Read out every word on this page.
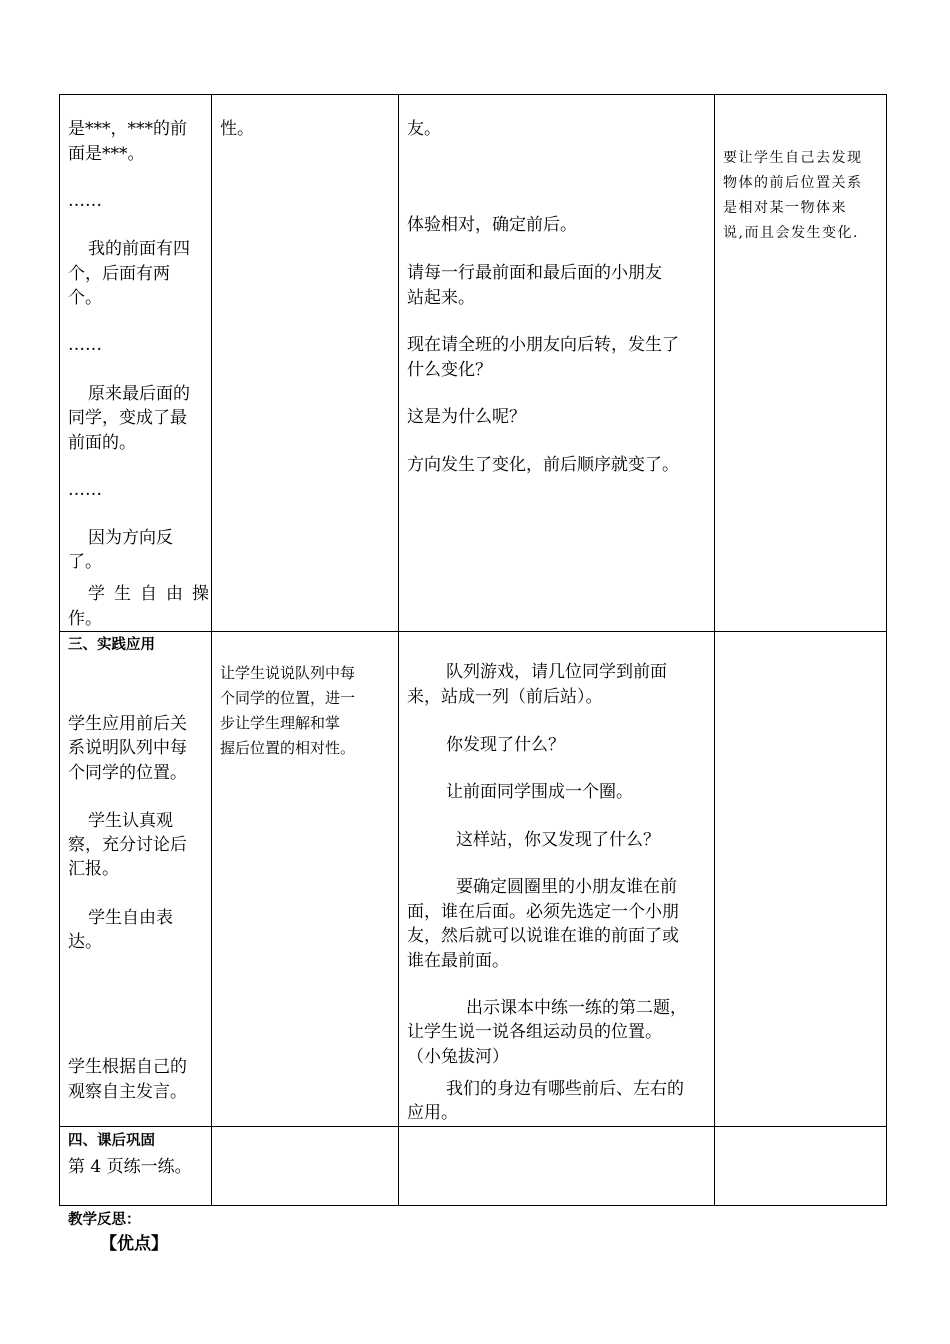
是***，***的前
面是***。
……
我的前面有四
个，后面有两
个。
……
原来最后面的
同学，变成了最
前面的。
……
因为方向反
了。
学生自由操
作。
性。	友。
体验相对，确定前后。
请每一行最前面和最后面的小朋友
站起来。
现在请全班的小朋友向后转，发生了
什么变化？
这是为什么呢？
方向发生了变化，前后顺序就变了。
要让学生自己去发现
物体的前后位置关系
是相对某一物体来
说,而且会发生变化.
三、实践应用
学生应用前后关
系说明队列中每
个同学的位置。
学生认真观
察，充分讨论后
汇报。
学生自由表
达。
学生根据自己的
观察自主发言。
让学生说说队列中每
个同学的位置，进一
步让学生理解和掌
握后位置的相对性。
队列游戏，请几位同学到前面
来，站成一列（前后站）。
你发现了什么？
让前面同学围成一个圈。
这样站，你又发现了什么？
要确定圆圈里的小朋友谁在前
面，谁在后面。必须先选定一个小朋
友，然后就可以说谁在谁的前面了或
谁在最前面。
出示课本中练一练的第二题，
让学生说一说各组运动员的位置。
（小兔拔河）
我们的身边有哪些前后、左右的
应用。
四、课后巩固
第 4 页练一练。
教学反思：
【优点】
